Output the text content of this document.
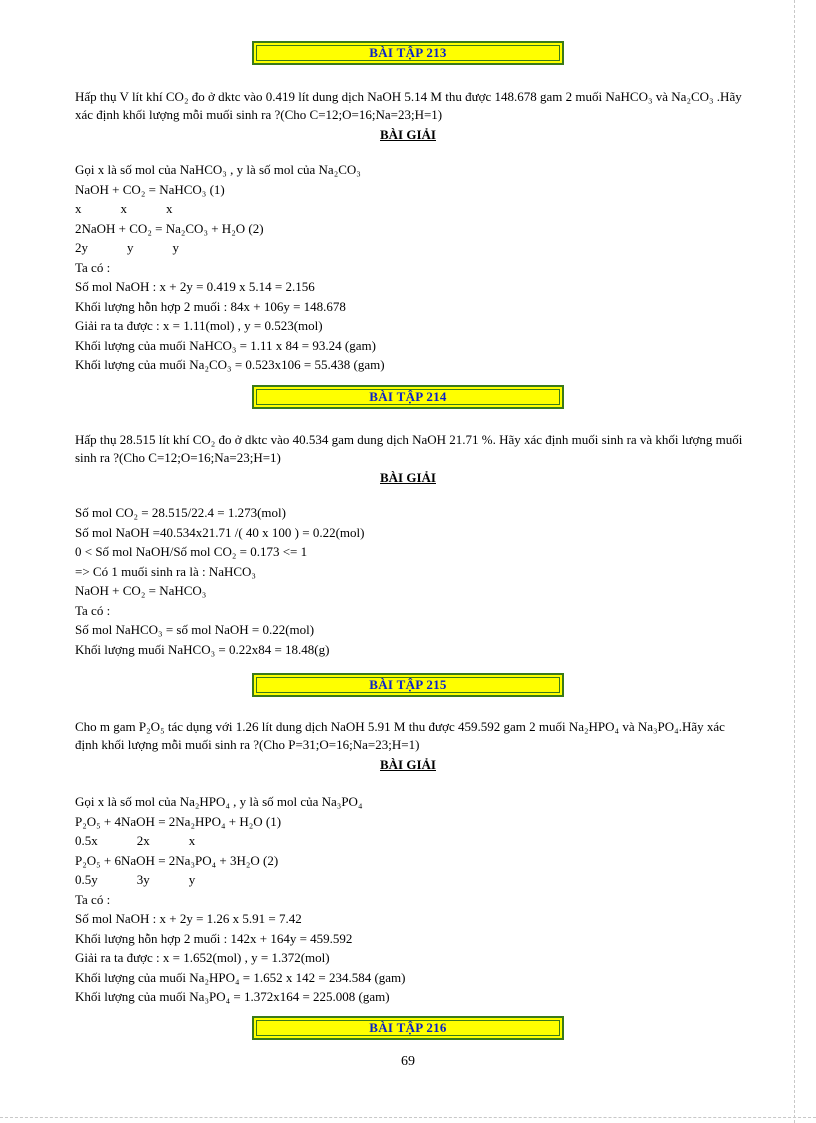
BÀI TẬP 213

Hấp thụ V lít khí CO₂ đo ở dktc vào 0.419 lít dung dịch NaOH 5.14 M thu được 148.678 gam 2 muối NaHCO₃ và Na₂CO₃ .Hãy xác định khối lượng mỗi muối sinh ra ?(Cho C=12;O=16;Na=23;H=1)

BÀI GIẢI

Gọi x là số mol của NaHCO₃ , y là số mol của Na₂CO₃
NaOH + CO₂ = NaHCO₃ (1)
x            x            x
2NaOH + CO₂ = Na₂CO₃ + H₂O (2)
2y            y            y
Ta có :
Số mol NaOH : x + 2y = 0.419 x 5.14 = 2.156
Khối lượng hỗn hợp 2 muối : 84x + 106y = 148.678
Giải ra ta được : x = 1.11(mol) , y = 0.523(mol)
Khối lượng của muối NaHCO₃ = 1.11 x 84 = 93.24 (gam)
Khối lượng của muối Na₂CO₃ = 0.523x106 = 55.438 (gam)
BÀI TẬP 214

Hấp thụ 28.515 lít khí CO₂ đo ở dktc vào 40.534 gam dung dịch NaOH 21.71 %. Hãy xác định muối sinh ra và khối lượng muối sinh ra ?(Cho C=12;O=16;Na=23;H=1)

BÀI GIẢI

Số mol CO₂ = 28.515/22.4 = 1.273(mol)
Số mol NaOH =40.534x21.71 /( 40 x 100 ) = 0.22(mol)
0 < Số mol NaOH/Số mol CO₂ = 0.173 <= 1
=> Có 1 muối sinh ra là : NaHCO₃
NaOH + CO₂ = NaHCO₃
Ta có :
Số mol NaHCO₃ = số mol NaOH = 0.22(mol)
Khối lượng muối NaHCO₃ = 0.22x84 = 18.48(g)
BÀI TẬP 215

Cho m gam P₂O₅ tác dụng với 1.26 lít dung dịch NaOH 5.91 M thu được 459.592 gam 2 muối Na₂HPO₄ và Na₃PO₄.Hãy xác định khối lượng mỗi muối sinh ra ?(Cho P=31;O=16;Na=23;H=1)

BÀI GIẢI

Gọi x là số mol của Na₂HPO₄ , y là số mol của Na₃PO₄
P₂O₅ + 4NaOH = 2Na₂HPO₄ + H₂O (1)
0.5x            2x            x
P₂O₅ + 6NaOH = 2Na₃PO₄ + 3H₂O (2)
0.5y            3y            y
Ta có :
Số mol NaOH : x + 2y = 1.26 x 5.91 = 7.42
Khối lượng hỗn hợp 2 muối : 142x + 164y = 459.592
Giải ra ta được : x = 1.652(mol) , y = 1.372(mol)
Khối lượng của muối Na₂HPO₄ = 1.652 x 142 = 234.584 (gam)
Khối lượng của muối Na₃PO₄ = 1.372x164 = 225.008 (gam)
BÀI TẬP 216
69
